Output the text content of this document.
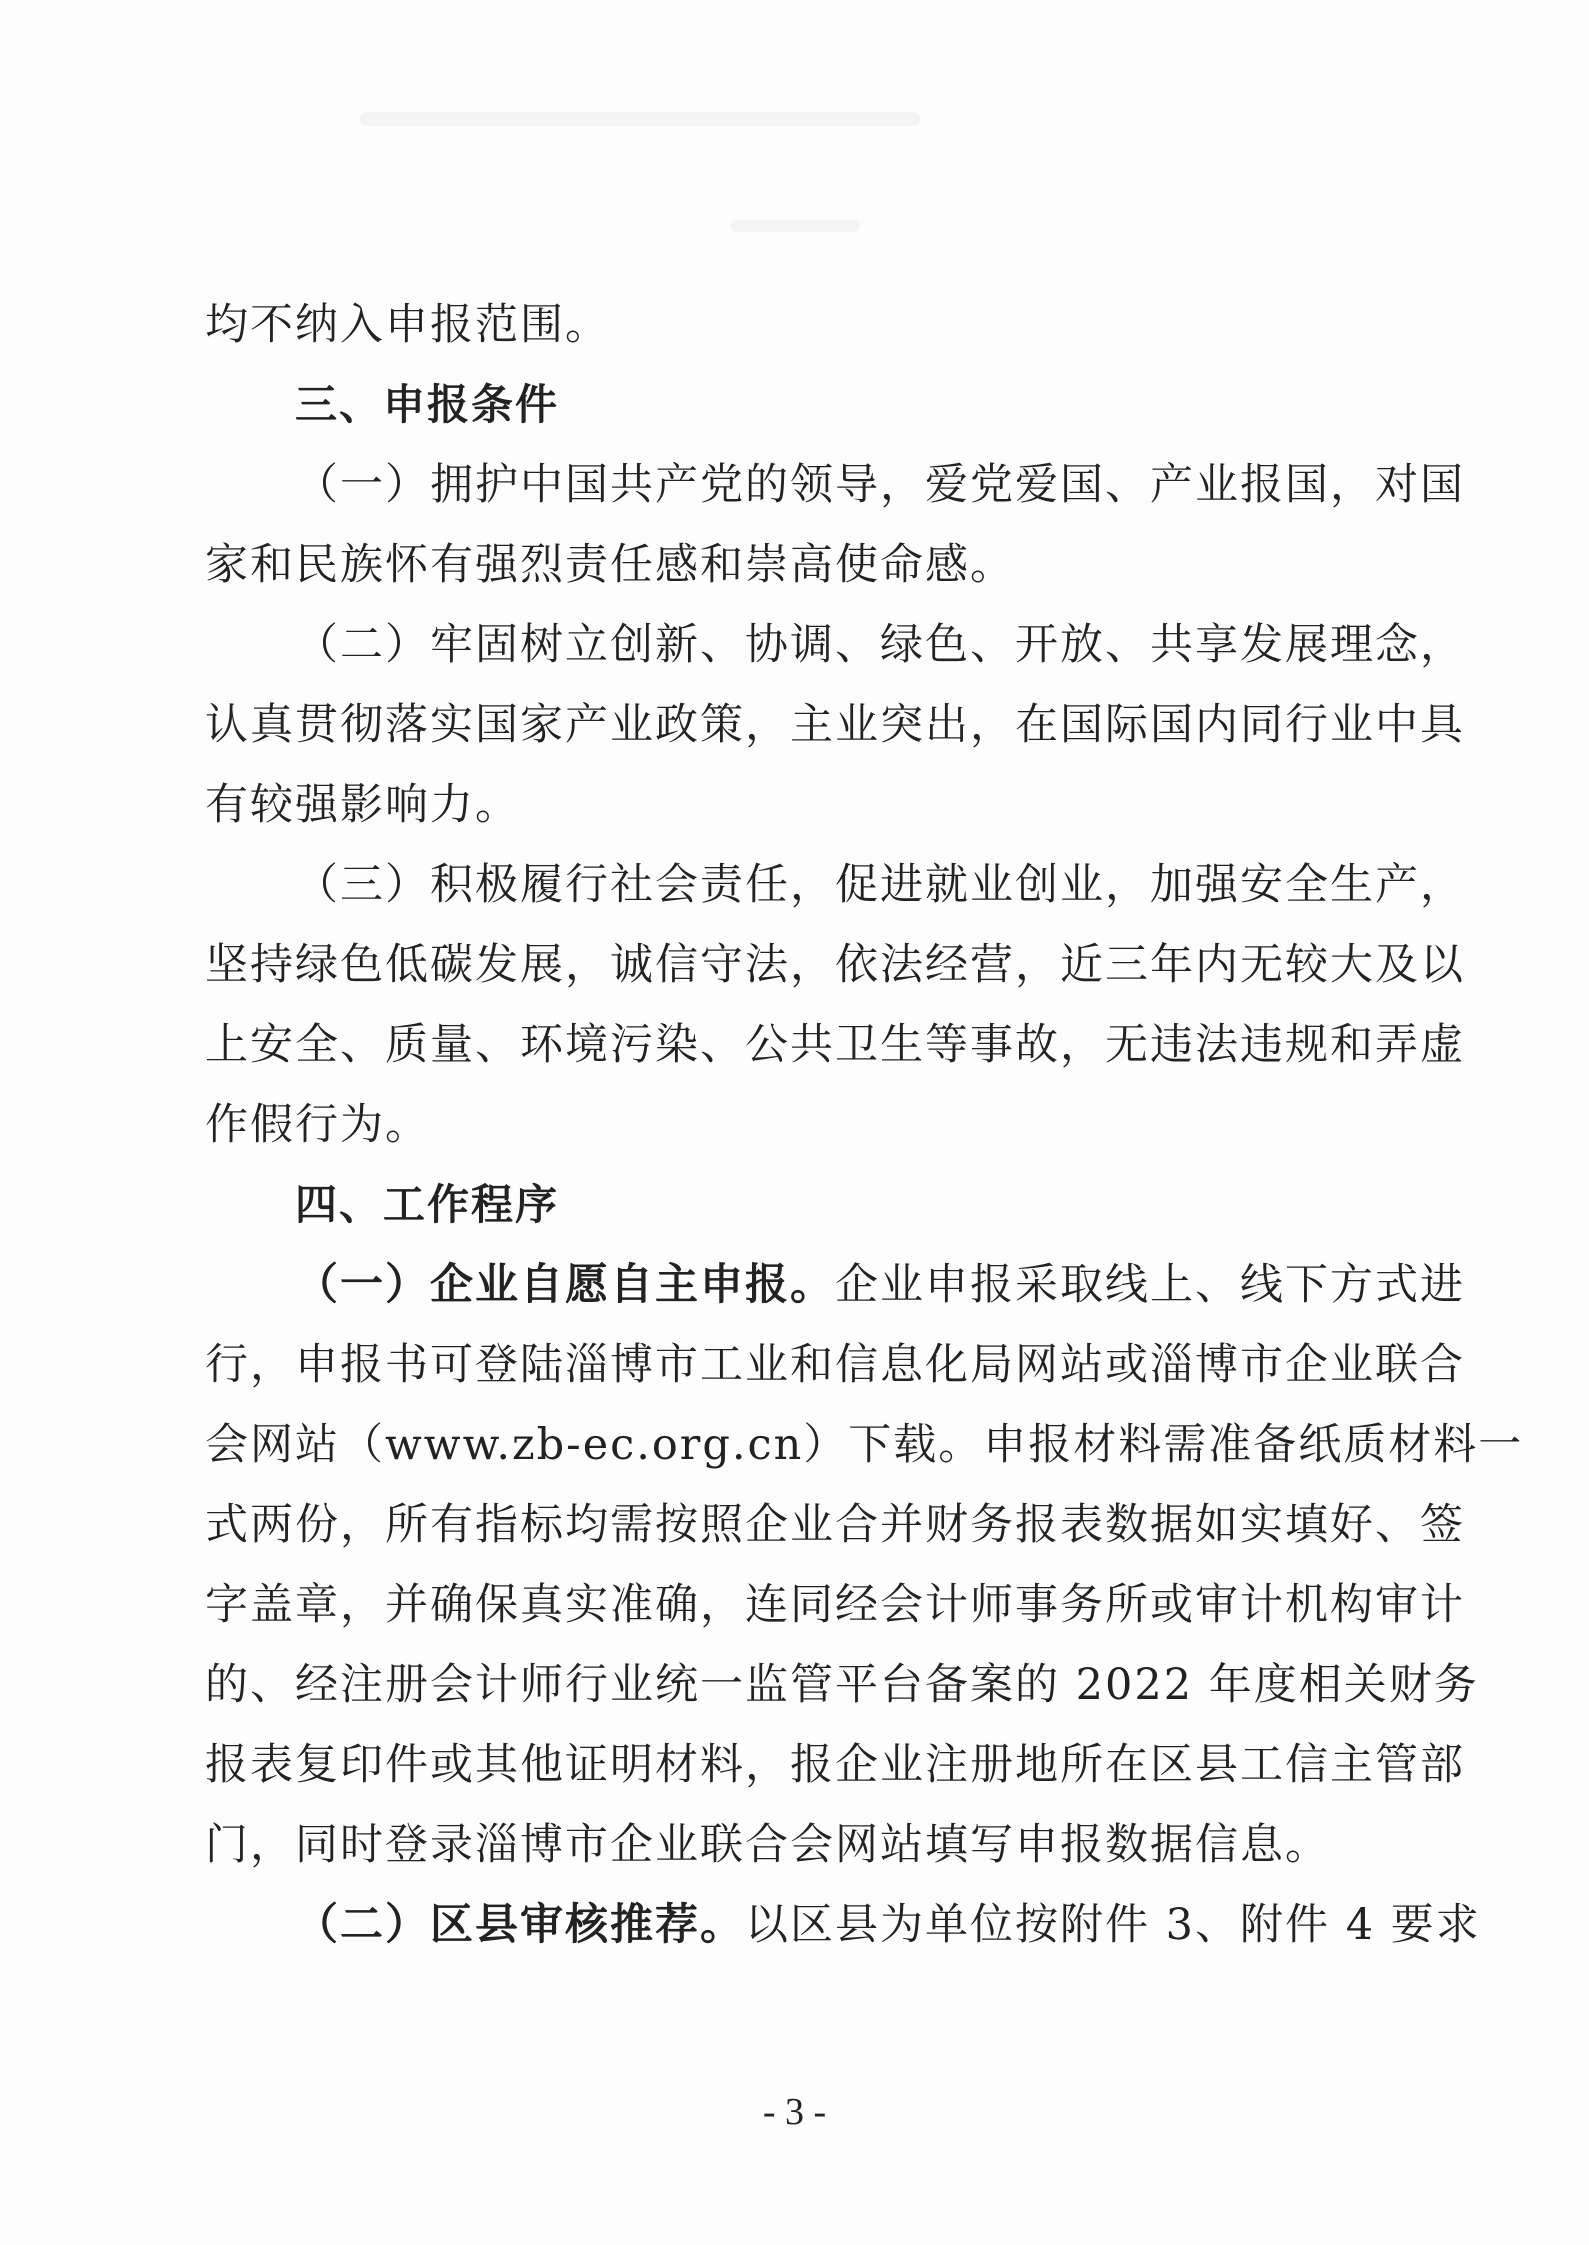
均不纳入申报范围。
三、申报条件
（一）拥护中国共产党的领导，爱党爱国、产业报国，对国
家和民族怀有强烈责任感和崇高使命感。
（二）牢固树立创新、协调、绿色、开放、共享发展理念，
认真贯彻落实国家产业政策，主业突出，在国际国内同行业中具
有较强影响力。
（三）积极履行社会责任，促进就业创业，加强安全生产，
坚持绿色低碳发展，诚信守法，依法经营，近三年内无较大及以
上安全、质量、环境污染、公共卫生等事故，无违法违规和弄虚
作假行为。
四、工作程序
（一）企业自愿自主申报。企业申报采取线上、线下方式进
行，申报书可登陆淄博市工业和信息化局网站或淄博市企业联合
会网站（www.zb-ec.org.cn）下载。申报材料需准备纸质材料一
式两份，所有指标均需按照企业合并财务报表数据如实填好、签
字盖章，并确保真实准确，连同经会计师事务所或审计机构审计
的、经注册会计师行业统一监管平台备案的 2022 年度相关财务
报表复印件或其他证明材料，报企业注册地所在区县工信主管部
门，同时登录淄博市企业联合会网站填写申报数据信息。
（二）区县审核推荐。以区县为单位按附件 3、附件 4 要求
- 3 -
